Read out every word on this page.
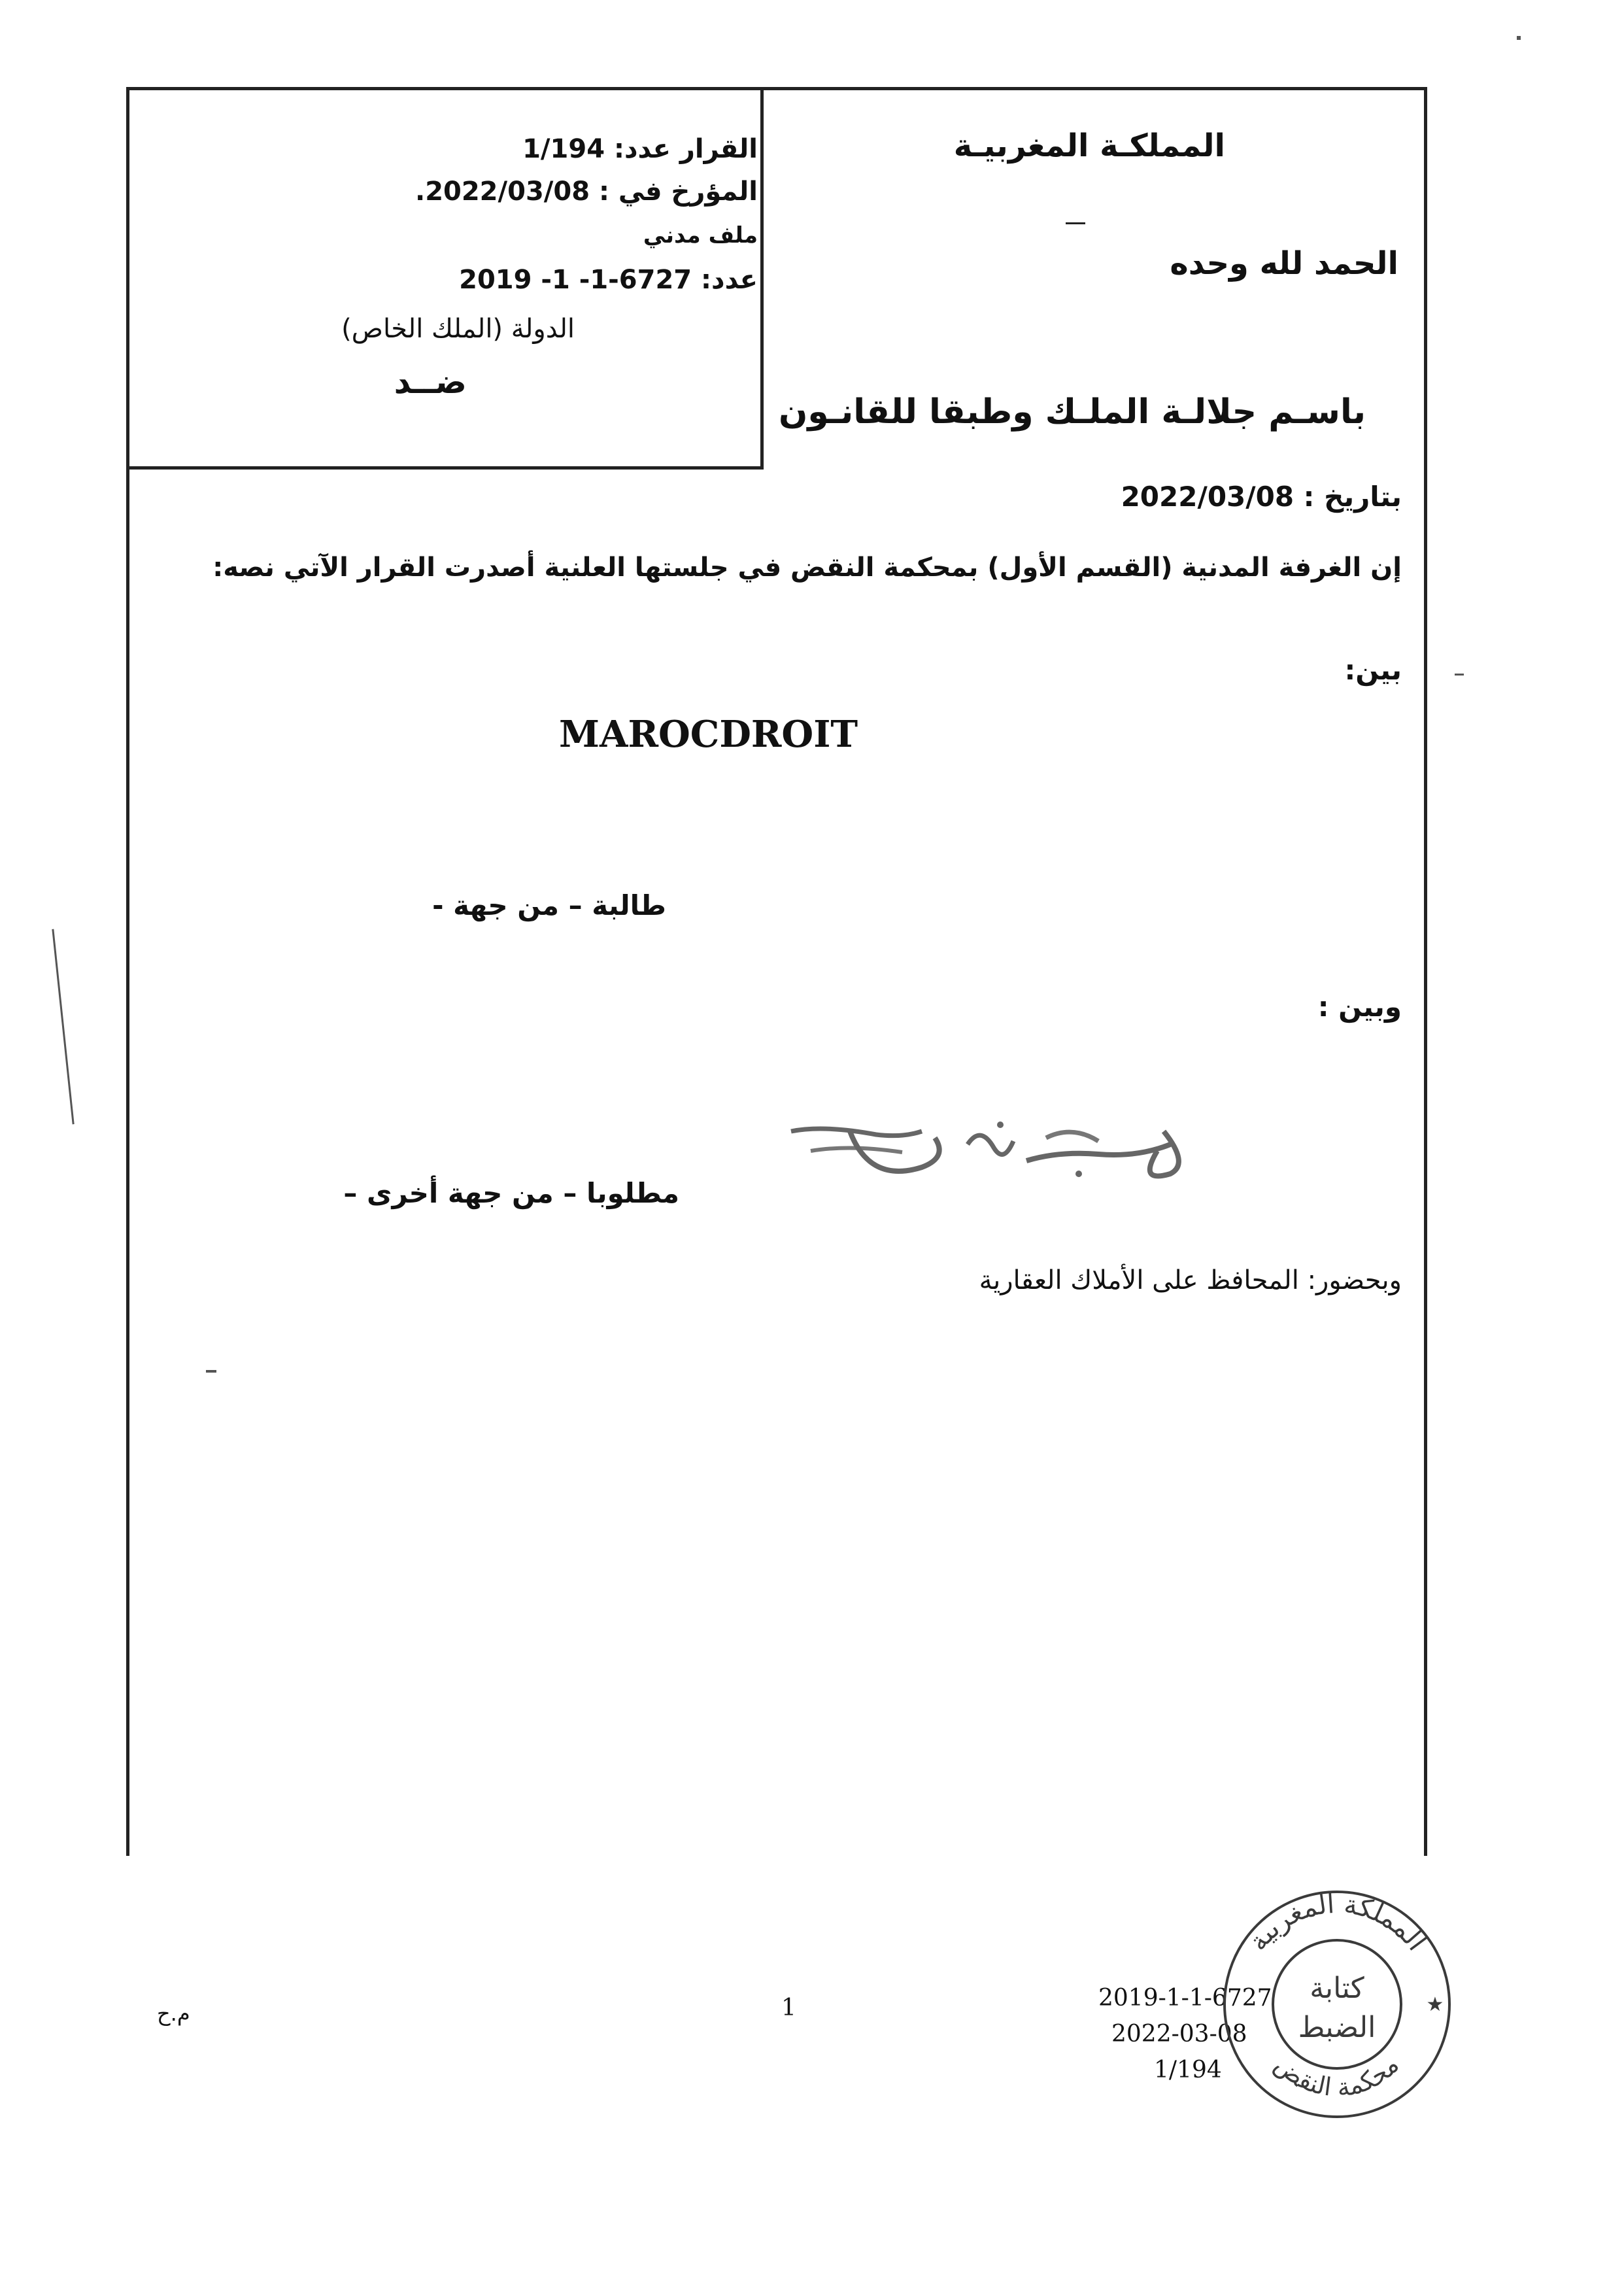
المملكـة المغربيـة
الحمد لله وحده
باسـم جلالـة الملـك وطبقا للقانـون
القرار عدد: 1/194
المؤرخ في : 2022/03/08.
ملف مدني
عدد: 2019 -1 -1-6727
الدولة (الملك الخاص)
ضــد
بتاريخ : 2022/03/08
إن الغرفة المدنية (القسم الأول) بمحكمة النقض في جلستها العلنية أصدرت القرار الآتي نصه:
بين:
MAROCDROIT
طالبة – من جهة -
وبين :
مطلوبا – من جهة أخرى –
وبحضور: المحافظ على الأملاك العقارية
م.ح	1	2019-1-1-6727
2022-03-08
1/194
المملكة المغربية
محكمة النقض
كتابة
الضبط
★
